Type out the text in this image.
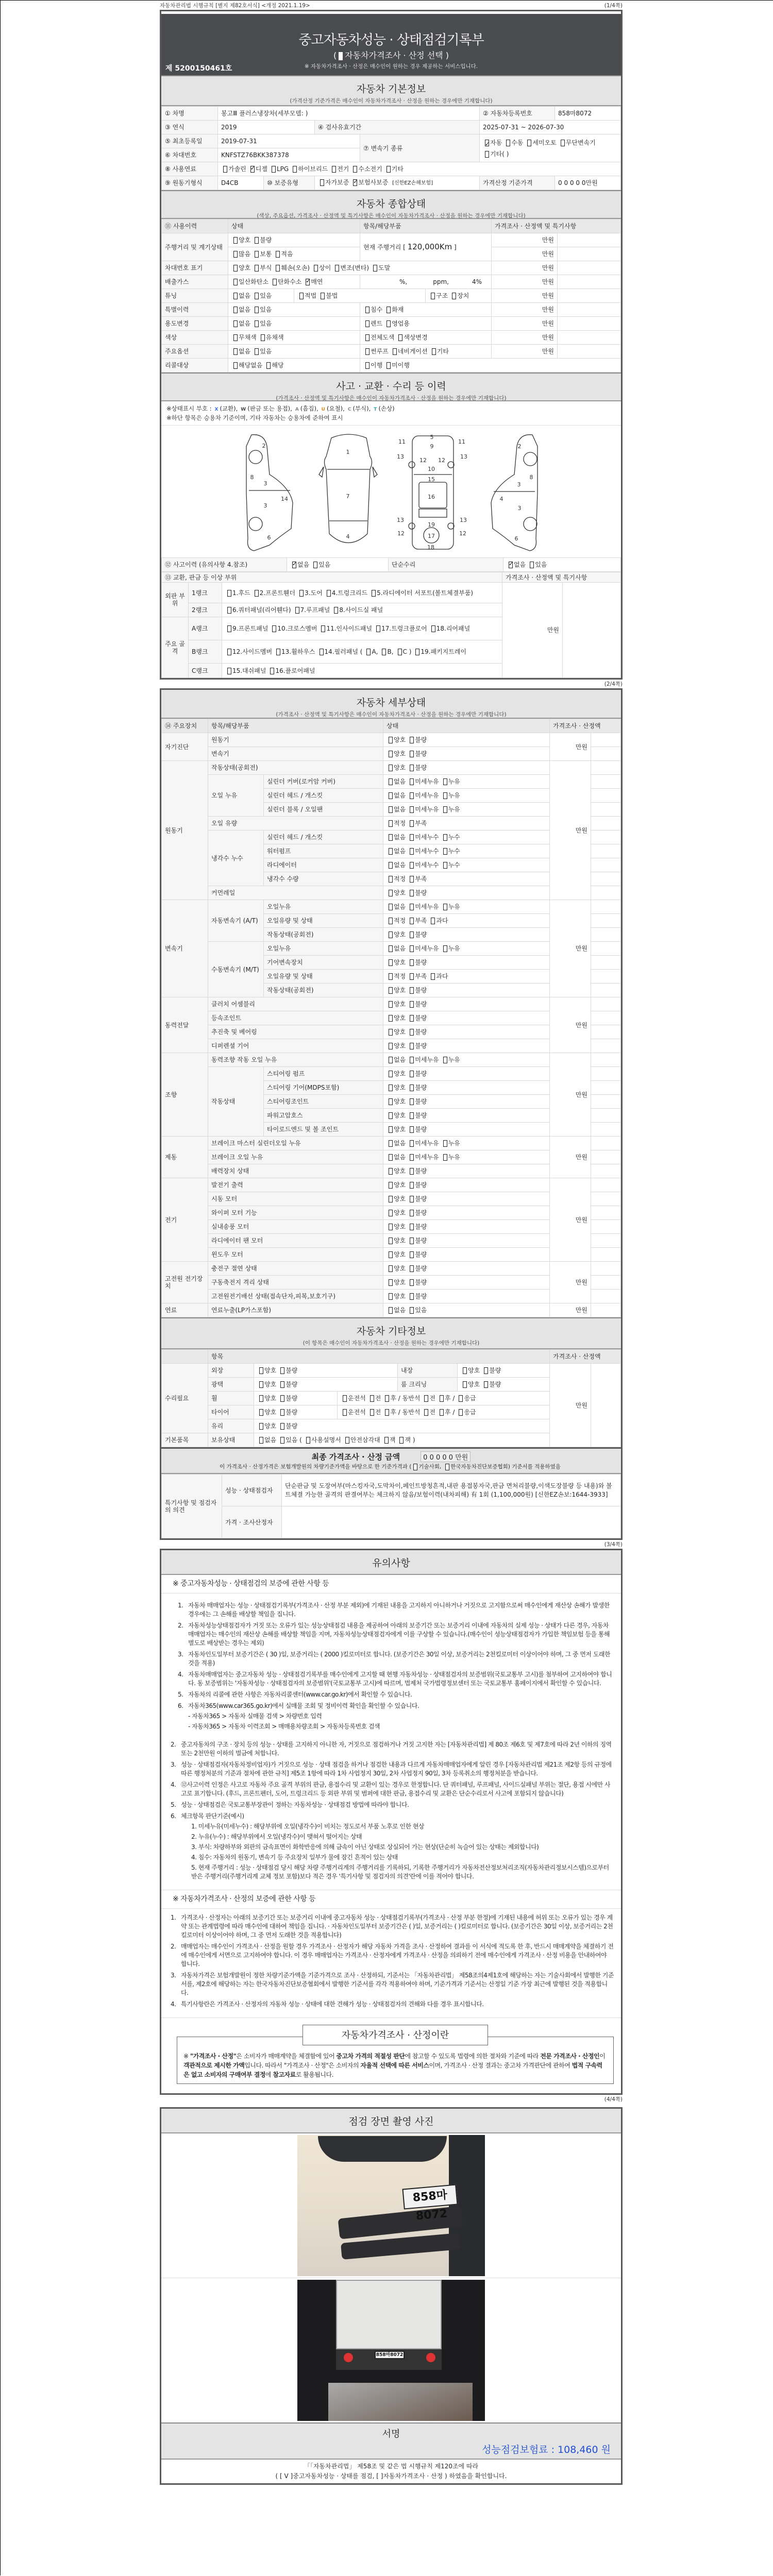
자동차관리법 시행규칙 [별지 제82호서식] <개정 2021.1.19>	(1/4쪽)
중고자동차성능 · 상태점검기록부
( 자동차가격조사 · 산정 선택 )
※ 자동차가격조사 · 산정은 매수인이 원하는 경우 제공하는 서비스입니다.
제 5200150461호
자동차 기본정보
(가격산정 기준가격은 매수인이 자동차가격조사 · 산정을 원하는 경우에만 기재합니다)
① 차명	봉고Ⅲ 플러스냉장차(세부모델: )				② 자동차등록번호	858마8072
③ 연식	2019		④ 검사유효기간		2025-07-31 ~ 2026-07-30	
⑤ 최초등록일	2019-07-31			⑦ 변속기 종류	✓자동 수동 세미오토 무단변속기기타( )
⑥ 차대번호	KNFSTZ76BKK387378					
⑧ 사용연료	가솔린 ✓ 디젤 LPG 하이브리드 전기 수소전기 기타
⑨ 원동기형식	D4CB	⑩ 보증유형	자가보증 ✓ 보험사보증 [신한EZ손해보험]		가격산정 기준가격	0 0 0 0 0만원
자동차 종합상태
(색상, 주요옵션, 가격조사 · 산정액 및 특기사항은 매수인이 자동차가격조사 · 산정을 원하는 경우에만 기재합니다)
⑪ 사용이력	상태		항목/해당부품		가격조사 · 산정액 및 특기사항	
주행거리 및 계기상태	양호 불량		현재 주행거리 [ 120,000Km ]		만원	
	많음 보통 적음				만원	
차대번호 표기	양호 부식 훼손(오손) 상이 변조(변타) 도말				만원	
배출가스	일산화탄소 탄화수소 ✓ 매연		%, ppm, 4%		만원	
튜닝	없음 있음	적법 불법		구조 장치	만원	
특별이력	없음 있음		침수 화재		만원	
용도변경	없음 있음		렌트 영업용		만원	
색상	무채색 유채색		전체도색 색상변경		만원	
주요옵션	없음 있음		썬루프 네비게이션 기타		만원	
리콜대상	해당없음 해당		이행 미이행			
사고 · 교환 · 수리 등 이력
(가격조사 · 산정액 및 특기사항은 매수인이 자동차가격조사 · 산정을 원하는 경우에만 기재합니다)
※상태표시 부호 : X (교환), W (판금 또는 용접), A (흠집), U (요철), C (부식), T (손상)
※하단 항목은 승용차 기준이며, 기타 자동차는 승용차에 준하여 표시
2
8
3
3
14
6
1
7
4
5
9
11	11
13	13
12 12
10
15
16
13	13
19
12	12
17
18
2
3
8
4
3
6
⑫ 사고이력 (유의사항 4.참조)	✓없음 있음	단순수리	✓없음 있음
⑬ 교환, 판금 등 이상 부위			가격조사 · 산정액 및 특기사항	
외판 부위	1랭크	1.후드 2.프론트휀더 3.도어 4.트렁크리드 5.라디에이터 서포트(볼트체결부품)	만원	
	2랭크	6.쿼터패널(리어휀다) 7.루프패널 8.사이드실 패널		
주요 골격	A랭크	9.프론트패널 10.크로스멤버 11.인사이드패널 17.트렁크플로어 18.리어패널		
	B랭크	12.사이드멤버 13.휠하우스 14.필러패널 ( A, B, C ) 19.패키지트레이		
	C랭크	15.대쉬패널 16.플로어패널		
(2/4쪽)
자동차 세부상태
(가격조사 · 산정액 및 특기사항은 매수인이 자동차가격조사 · 산정을 원하는 경우에만 기재합니다)
⑭ 주요장치	항목/해당부품		상태	가격조사 · 산정액	
자기진단	원동기		양호 불량	만원	
	변속기		양호 불량		
원동기	작동상태(공회전)		양호 불량	만원	
	오일 누유	실린더 커버(로커암 커버)	없음 미세누유 누유		
		실린더 헤드 / 개스킷	없음 미세누유 누유		
		실린더 블록 / 오일팬	없음 미세누유 누유		
	오일 유량		적정 부족		
	냉각수 누수	실린더 헤드 / 개스킷	없음 미세누수 누수		
		워터펌프	없음 미세누수 누수		
		라디에이터	없음 미세누수 누수		
		냉각수 수량	적정 부족		
	커먼레일		양호 불량		
변속기	자동변속기 (A/T)	오일누유	없음 미세누유 누유	만원	
		오일유량 및 상태	적정 부족 과다		
		작동상태(공회전)	양호 불량		
	수동변속기 (M/T)	오일누유	없음 미세누유 누유		
		기어변속장치	양호 불량		
		오일유량 및 상태	적정 부족 과다		
		작동상태(공회전)	양호 불량		
동력전달	클러치 어셈블리		양호 불량	만원	
	등속조인트		양호 불량		
	추진축 및 베어링		양호 불량		
	디퍼렌셜 기어		양호 불량		
조향	동력조향 작동 오일 누유		없음 미세누유 누유	만원	
	작동상태	스티어링 펌프	양호 불량		
		스티어링 기어(MDPS포함)	양호 불량		
		스티어링조인트	양호 불량		
		파워고압호스	양호 불량		
		타이로드엔드 및 볼 조인트	양호 불량		
제동	브레이크 마스터 실린더오일 누유		없음 미세누유 누유	만원	
	브레이크 오일 누유		없음 미세누유 누유		
	배력장치 상태		양호 불량		
전기	발전기 출력		양호 불량	만원	
	시동 모터		양호 불량		
	와이퍼 모터 기능		양호 불량		
	실내송풍 모터		양호 불량		
	라디에이터 팬 모터		양호 불량		
	윈도우 모터		양호 불량		
고전원 전기장치	충전구 절연 상태		양호 불량	만원	
	구동축전지 격리 상태		양호 불량		
	고전원전기배선 상태(접속단자,피복,보호기구)		양호 불량		
연료	연료누출(LP가스포함)		없음 있음	만원	
자동차 기타정보
(이 항목은 매수인이 자동차가격조사 · 산정을 원하는 경우에만 기재합니다)
	항목					가격조사 · 산정액	
수리필요	외장	양호 불량		내장	양호 불량	만원	
	광택	양호 불량		룸 크리닝	양호 불량		
	휠	양호 불량	운전석 전 후 / 동반석 전 후 / 응급				
	타이어	양호 불량	운전석 전 후 / 동반석 전 후 / 응급				
	유리	양호 불량					
기본품목	보유상태	없음 있음 ( 사용설명서 안전삼각대 잭 잭 )					
최종 가격조사 · 산정 금액	0 0 0 0 0 만원
이 가격조사 · 산정가격은 보험개발원의 차량기준가액을 바탕으로 한 기준가격과 ( 기술사회, 한국자동차진단보증협회) 기준서를 적용하였음
특기사항 및 점검자의 의견	성능 · 상태점검자	단순판금 및 도장여부(마스킹자국,도막차이,페인트방청흔적,내판 용접봉자국,판금 면처리불량,이색도장불량 등 내용)와 볼트체결 가능한 골격의 판결여부는 체크하지 않음/보험이력(내차피해) 有 1회 (1,100,000원) [신한EZ손보:1644-3933]
	가격 · 조사산정자	
(3/4쪽)
유의사항
※ 중고자동차성능 · 상태점검의 보증에 관한 사항 등
1. 자동차 매매업자는 성능 · 상태점검기록부(가격조사 · 산정 부분 제외)에 기재된 내용을 고지하지 아니하거나 거짓으로 고지함으로써 매수인에게 재산상 손해가 발생한 경우에는 그 손해를 배상할 책임을 집니다.
2. 자동차성능상태점검자가 거짓 또는 오류가 있는 성능상태점검 내용을 제공하여 아래의 보증기간 또는 보증거리 이내에 자동차의 실제 성능 · 상태가 다른 경우, 자동차매매업자는 매수인의 재산상 손해를 배상할 책임을 지며, 자동차성능상태점검자에게 이를 구상할 수 있습니다.(매수인이 성능상태점검자가 가입한 책임보험 등을 통해 별도로 배상받는 경우는 제외)
3. 자동차인도일부터 보증기간은 ( 30 )일, 보증거리는 ( 2000 )킬로미터로 합니다. (보증기간은 30일 이상, 보증거리는 2천킬로미터 이상이어야 하며, 그 중 먼저 도래한 것을 적용)
4. 자동차매매업자는 중고자동차 성능 · 상태점검기록부를 매수인에게 고지할 때 현행 자동차성능 · 상태점검자의 보증범위(국토교통부 고시)를 첨부하여 고지하여야 합니다. 동 보증범위는 '자동차성능 · 상태점검자의 보증범위'(국토교통부 고시)에 따르며, 법제처 국가법령정보센터 또는 국토교통부 홈페이지에서 확인할 수 있습니다.
5. 자동차의 리콜에 관한 사항은 자동차리콜센터(www.car.go.kr)에서 확인할 수 있습니다.
6. 자동차365(www.car365.go.kr)에서 실매물 조회 및 정비이력 확인을 확인할 수 있습니다.
- 자동차365 > 자동차 실매물 검색 > 차량번호 입력
- 자동차365 > 자동차 이력조회 > 매매용차량조회 > 자동차등록번호 검색
2. 중고자동차의 구조 · 장치 등의 성능 · 상태를 고지하지 아니한 자, 거짓으로 점검하거나 거짓 고지한 자는 [자동차관리법] 제 80조 제6호 및 제7호에 따라 2년 이하의 징역 또는 2천만원 이하의 벌금에 처합니다.
3. 성능 · 상태점검자(자동차정비업자)가 거짓으로 성능 · 상태 점검을 하거나 점검한 내용과 다르게 자동차매매업자에게 알린 경우 [자동차관리법 제21조 제2항 등의 규정에 따른 행정처분의 기준과 절차에 관한 규칙] 제5조 1항에 따라 1차 사업정지 30일, 2차 사업정지 90일, 3차 등록취소의 행정처분을 받습니다.
4. ⑫사고이력 인정은 사고로 자동차 주요 골격 부위의 판금, 용접수리 및 교환이 있는 경우로 한정합니다. 단 쿼터패널, 루프패널, 사이드실패널 부위는 절단, 용접 시에만 사고로 표기합니다. (후드, 프론트펜더, 도어, 트렁크리드 등 외판 부위 및 범퍼에 대한 판금, 용접수리 및 교환은 단순수리로서 사고에 포함되지 않습니다)
5. 성능 · 상태점검은 국토교통부장관이 정하는 자동차성능 · 상태점검 방법에 따라야 합니다.
6. 체크항목 판단기준(예시)
1. 미세누유(미세누수) : 해당부위에 오일(냉각수)이 비치는 정도로서 부품 노후로 인한 현상
2. 누유(누수) : 해당부위에서 오일(냉각수)이 맺혀서 떨어지는 상태
3. 부식: 차량하부와 외판의 금속표면이 화학반응에 의해 금속이 아닌 상태로 상실되어 가는 현상(단순히 녹슬어 있는 상태는 제외합니다)
4. 침수: 자동차의 원동기, 변속기 등 주요장치 일부가 물에 잠긴 흔적이 있는 상태
5. 현재 주행거리 : 성능 · 상태점검 당시 해당 차량 주행거리계의 주행거리를 기록하되, 기록한 주행거리가 자동차전산정보처리조직(자동차관리정보시스템)으로부터 받은 주행거리(주행거리계 교체 정보 포함)보다 적은 경우 '특기사항 및 점검자의 의견'란에 이를 적어야 합니다.
※ 자동차가격조사 · 산정의 보증에 관한 사항 등
1. 가격조사 · 산정자는 아래의 보증기간 또는 보증거리 이내에 중고자동차 성능 · 상태점검기록부(가격조사 · 산정 부분 한정)에 기재된 내용에 허위 또는 오류가 있는 경우 계약 또는 관계법령에 따라 매수인에 대하여 책임을 집니다. · 자동차인도일부터 보증기간은 ( )일, 보증거리는 ( )킬로미터로 합니다. (보증기간은 30일 이상, 보증거리는 2천킬로미터 이상이어야 하며, 그 중 먼저 도래한 것을 적용합니다)
2. 매매업자는 매수인이 가격조사 · 산정을 원할 경우 가격조사 · 산정자가 해당 자동차 가격을 조사 · 산정하여 결과를 이 서식에 적도록 한 후, 반드시 매매계약을 체결하기 전에 매수인에게 서면으로 고지하여야 합니다. 이 경우 매매업자는 가격조사 · 산정자에게 가격조사 · 산정을 의뢰하기 전에 매수인에게 가격조사 · 산정 비용을 안내하여야 합니다.
3. 자동차가격은 보험개발원이 정한 차량기준가액을 기준가격으로 조사 · 산정하되, 기준서는 「자동차관리법」 제58조의4제1호에 해당하는 자는 기술사회에서 발행한 기준서를, 제2호에 해당하는 자는 한국자동차진단보증협회에서 발행한 기준서를 각각 적용하여야 하며, 기준가격과 기준서는 산정일 기준 가장 최근에 발행된 것을 적용합니다.
4. 특기사항란은 가격조사 · 산정자의 자동차 성능 · 상태에 대한 견해가 성능 · 상태점검자의 견해와 다를 경우 표시합니다.
자동차가격조사 · 산정이란
※ "가격조사 · 산정"은 소비자가 매매계약을 체결함에 있어 중고차 가격의 적절성 판단에 참고할 수 있도록 법령에 의한 절차와 기준에 따라 전문 가격조사 · 산정인이 객관적으로 제시한 가액입니다. 따라서 "가격조사 · 산정"은 소비자의 자율적 선택에 따른 서비스이며, 가격조사 · 산정 결과는 중고차 가격판단에 관하여 법적 구속력은 없고 소비자의 구매여부 결정에 참고자료로 활용됩니다.
(4/4쪽)
점검 장면 촬영 사진
858마8072
858마8072
서명
성능점검보험료 : 108,460 원
「「자동차관리법」 제58조 및 같은 법 시행규칙 제120조에 따라
( [ V ]중고자동차성능 · 상태를 점검, [ ]자동차가격조사 · 산정 ) 하였음을 확인합니다.
